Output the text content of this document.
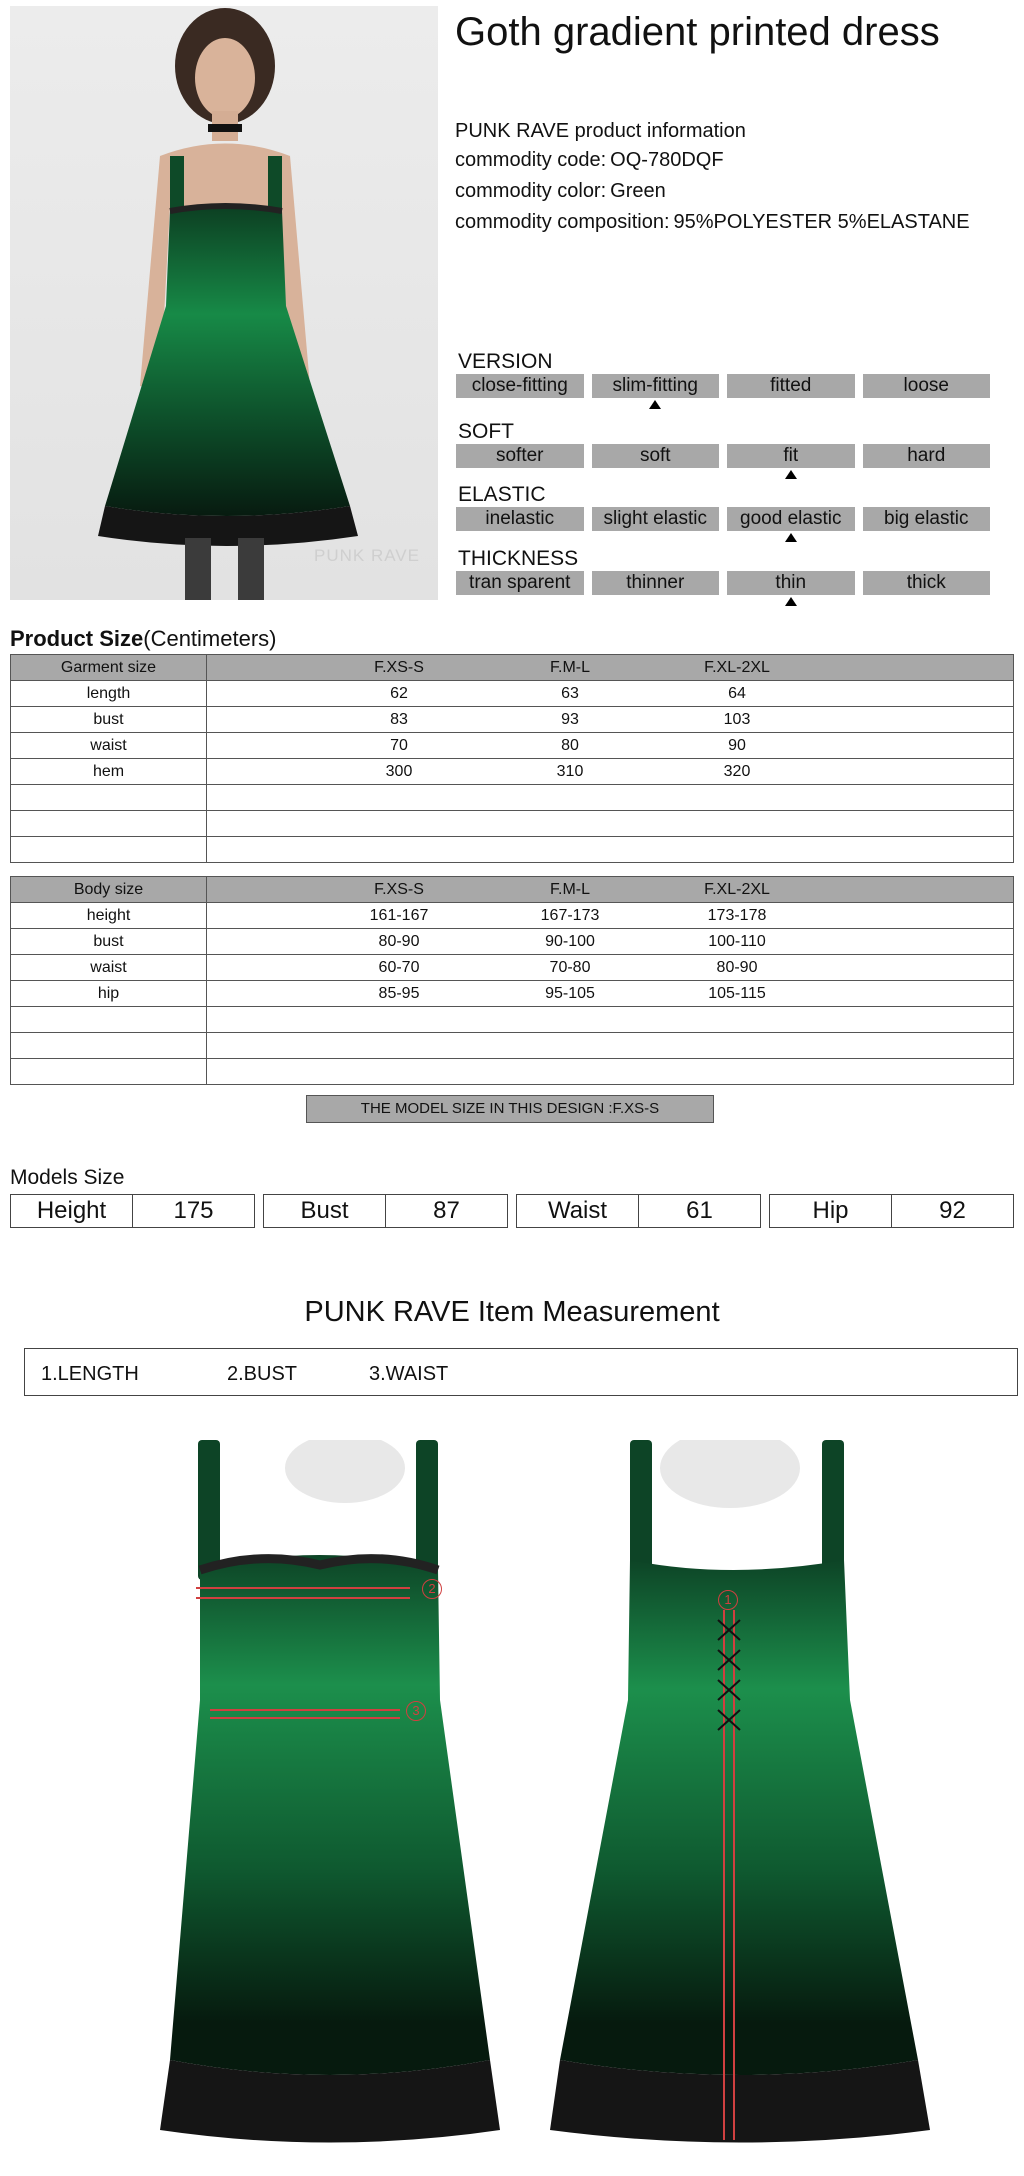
PUNK RAVE
Goth gradient printed dress
PUNK RAVE product information
commodity code: OQ-780DQF
commodity color: Green
commodity composition: 95%POLYESTER 5%ELASTANE
VERSION
close-fitting	slim-fitting	fitted	loose
SOFT
softer	soft	fit	hard
ELASTIC
inelastic	slight elastic	good elastic	big elastic
THICKNESS
tran sparent	thinner	thin	thick
Product Size(Centimeters)
Garment size	F.XS-S F.M-L F.XL-2XL

length	62 63 64

bust	83 93 103

waist	70 80 90

hem	300 310 320

Body size	F.XS-S F.M-L F.XL-2XL

height	161-167 167-173 173-178

bust	80-90 90-100 100-110

waist	60-70 70-80 80-90

hip	85-95 95-105 105-115

THE MODEL SIZE IN THIS DESIGN :F.XS-S
Models Size
Height	175	Bust	87	Waist	61	Hip	92
PUNK RAVE Item Measurement
1.LENGTH	2.BUST	3.WAIST
2
3
1
